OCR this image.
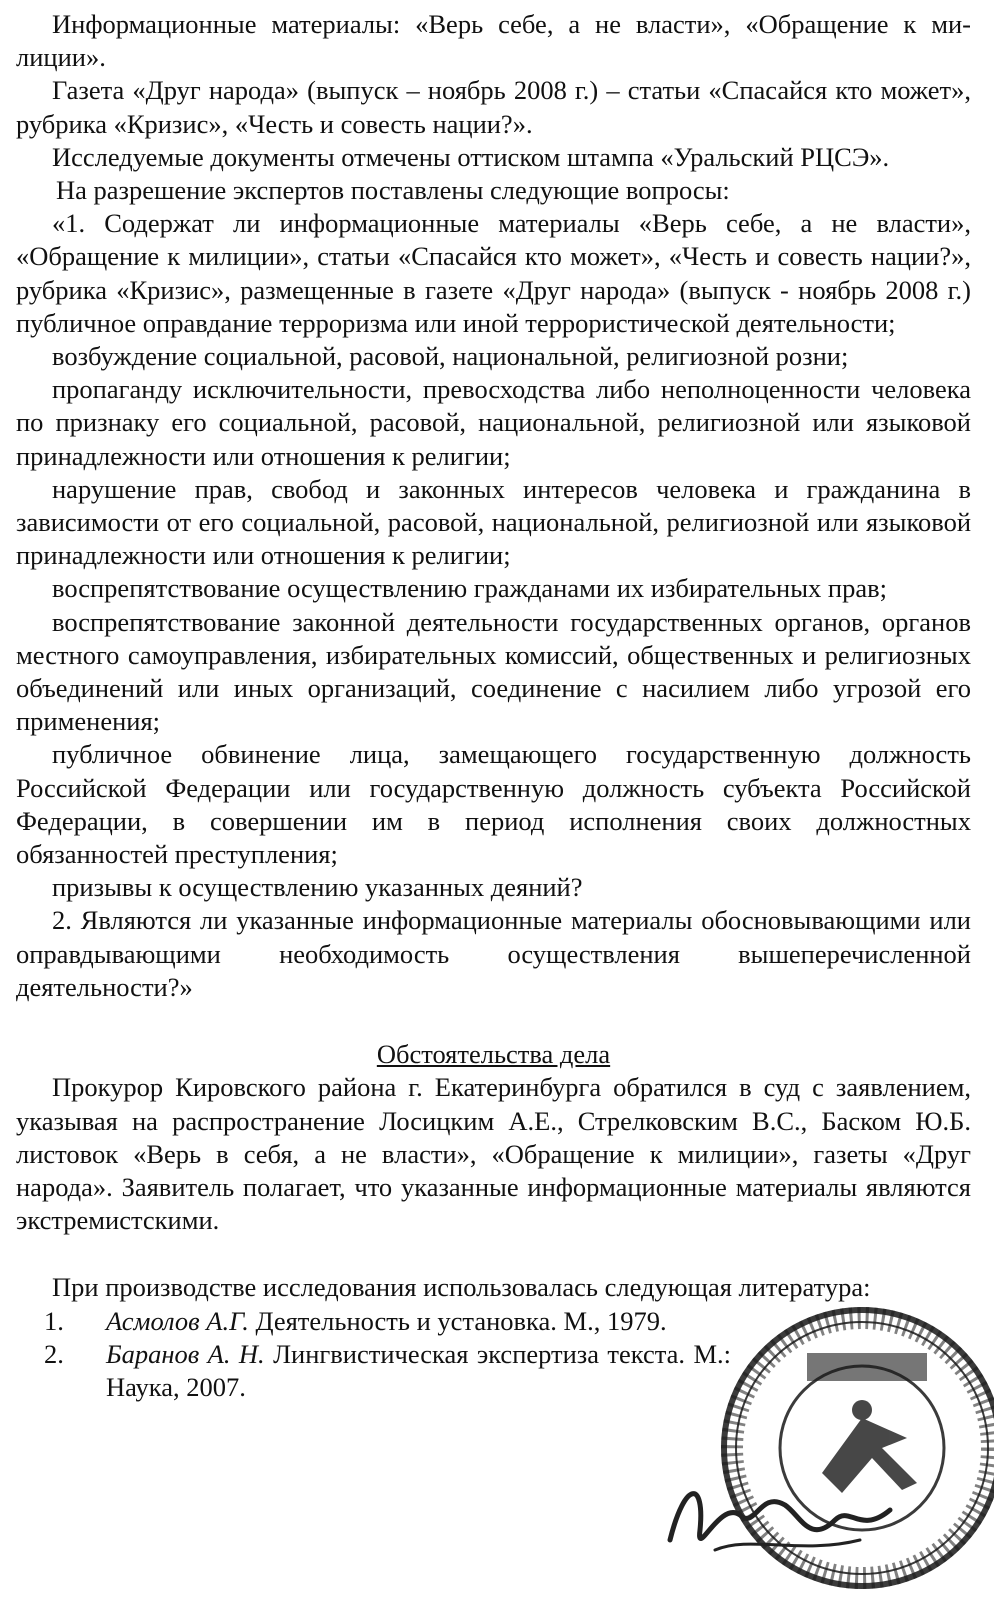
Информационные материалы: «Верь себе, а не власти», «Обращение к милиции».

Газета «Друг народа» (выпуск – ноябрь 2008 г.) – статьи «Спасайся кто может», рубрика «Кризис», «Честь и совесть нации?».

Исследуемые документы отмечены оттиском штампа «Уральский РЦСЭ».

На разрешение экспертов поставлены следующие вопросы:

«1. Содержат ли информационные материалы «Верь себе, а не власти», «Обращение к милиции», статьи «Спасайся кто может», «Честь и совесть нации?», рубрика «Кризис», размещенные в газете «Друг народа» (выпуск - ноябрь 2008 г.) публичное оправдание терроризма или иной террористической деятельности;

возбуждение социальной, расовой, национальной, религиозной розни;

пропаганду исключительности, превосходства либо неполноценности человека по признаку его социальной, расовой, национальной, религиозной или языковой принадлежности или отношения к религии;

нарушение прав, свобод и законных интересов человека и гражданина в зависимости от его социальной, расовой, национальной, религиозной или языковой принадлежности или отношения к религии;

воспрепятствование осуществлению гражданами их избирательных прав;

воспрепятствование законной деятельности государственных органов, органов местного самоуправления, избирательных комиссий, общественных и религиозных объединений или иных организаций, соединение с насилием либо угрозой его применения;

публичное обвинение лица, замещающего государственную должность Российской Федерации или государственную должность субъекта Российской Федерации, в совершении им в период исполнения своих должностных обязанностей преступления;

призывы к осуществлению указанных деяний?

2. Являются ли указанные информационные материалы обосновывающими или оправдывающими необходимость осуществления вышеперечисленной деятельности?»

Обстоятельства дела

Прокурор Кировского района г. Екатеринбурга обратился в суд с заявлением, указывая на распространение Лосицким А.Е., Стрелковским В.С., Баском Ю.Б. листовок «Верь в себя, а не власти», «Обращение к милиции», газеты «Друг народа». Заявитель полагает, что указанные информационные материалы являются экстремистскими.

При производстве исследования использовалась следующая литература:

1.	Асмолов А.Г. Деятельность и установка. М., 1979.
2.	Баранов А. Н. Лингвистическая экспертиза текста. М.: Наука, 2007.
